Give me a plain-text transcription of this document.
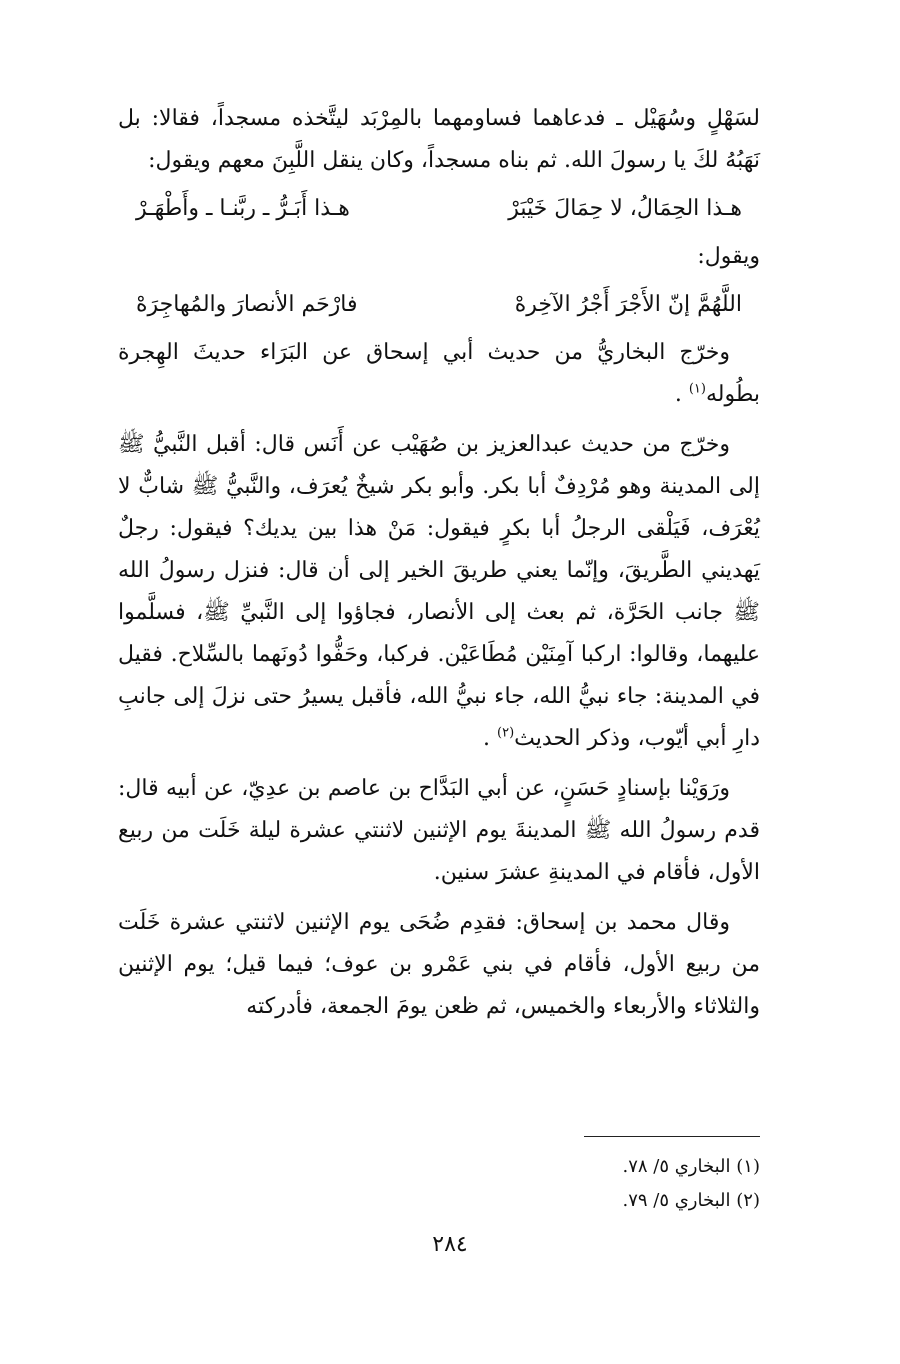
لسَهْلٍ وسُهَيْل ـ فدعاهما فساومهما بالمِرْبَد ليتَّخذه مسجداً، فقالا: بل نَهَبُهُ لكَ يا رسولَ الله. ثم بناه مسجداً، وكان ينقل اللَّبِنَ معهم ويقول:

هـذا الحِمَالُ، لا حِمَالَ خَيْبَرْ
هـذا أَبَـرُّ ـ ربَّنـا ـ وأَطْهَـرْ

ويقول:

اللَّهُمَّ إنّ الأَجْرَ أَجْرُ الآخِرهْ
فارْحَم الأنصارَ والمُهاجِرَهْ

وخرّج البخاريُّ من حديث أبي إسحاق عن البَرَاء حديثَ الهِجرة بطُوله$^{(١)}$ .

وخرّج من حديث عبدالعزيز بن صُهَيْب عن أَنَس قال: أقبل النَّبيُّ ﷺ إلى المدينة وهو مُرْدِفٌ أبا بكر. وأبو بكر شيخٌ يُعرَف، والنَّبيُّ ﷺ شابٌّ لا يُعْرَف، فَيَلْقى الرجلُ أبا بكرٍ فيقول: مَنْ هذا بين يديك؟ فيقول: رجلٌ يَهديني الطَّريقَ، وإنّما يعني طريقَ الخير إلى أن قال: فنزل رسولُ الله ﷺ جانب الحَرَّة، ثم بعث إلى الأنصار، فجاؤوا إلى النَّبيِّ ﷺ، فسلَّموا عليهما، وقالوا: اركبا آمِنَيْن مُطَاعَيْن. فركبا، وحَفُّوا دُونَهما بالسِّلاح. فقيل في المدينة: جاء نبيُّ الله، جاء نبيُّ الله، فأقبل يسيرُ حتى نزلَ إلى جانبِ دارِ أبي أيّوب، وذكر الحديث$^{(٢)}$ .

ورَوَيْنا بإسنادٍ حَسَنٍ، عن أبي البَدَّاح بن عاصم بن عدِيّ، عن أبيه قال: قدم رسولُ الله ﷺ المدينةَ يوم الإثنين لاثنتي عشرة ليلة خَلَت من ربيع الأول، فأقام في المدينةِ عشرَ سنين.

وقال محمد بن إسحاق: فقدِم ضُحَى يوم الإثنين لاثنتي عشرة خَلَت من ربيع الأول، فأقام في بني عَمْرو بن عوف؛ فيما قيل؛ يوم الإثنين والثلاثاء والأربعاء والخميس، ثم ظعن يومَ الجمعة، فأدركته

(١) البخاري ٥/ ٧٨.
(٢) البخاري ٥/ ٧٩.
٢٨٤
